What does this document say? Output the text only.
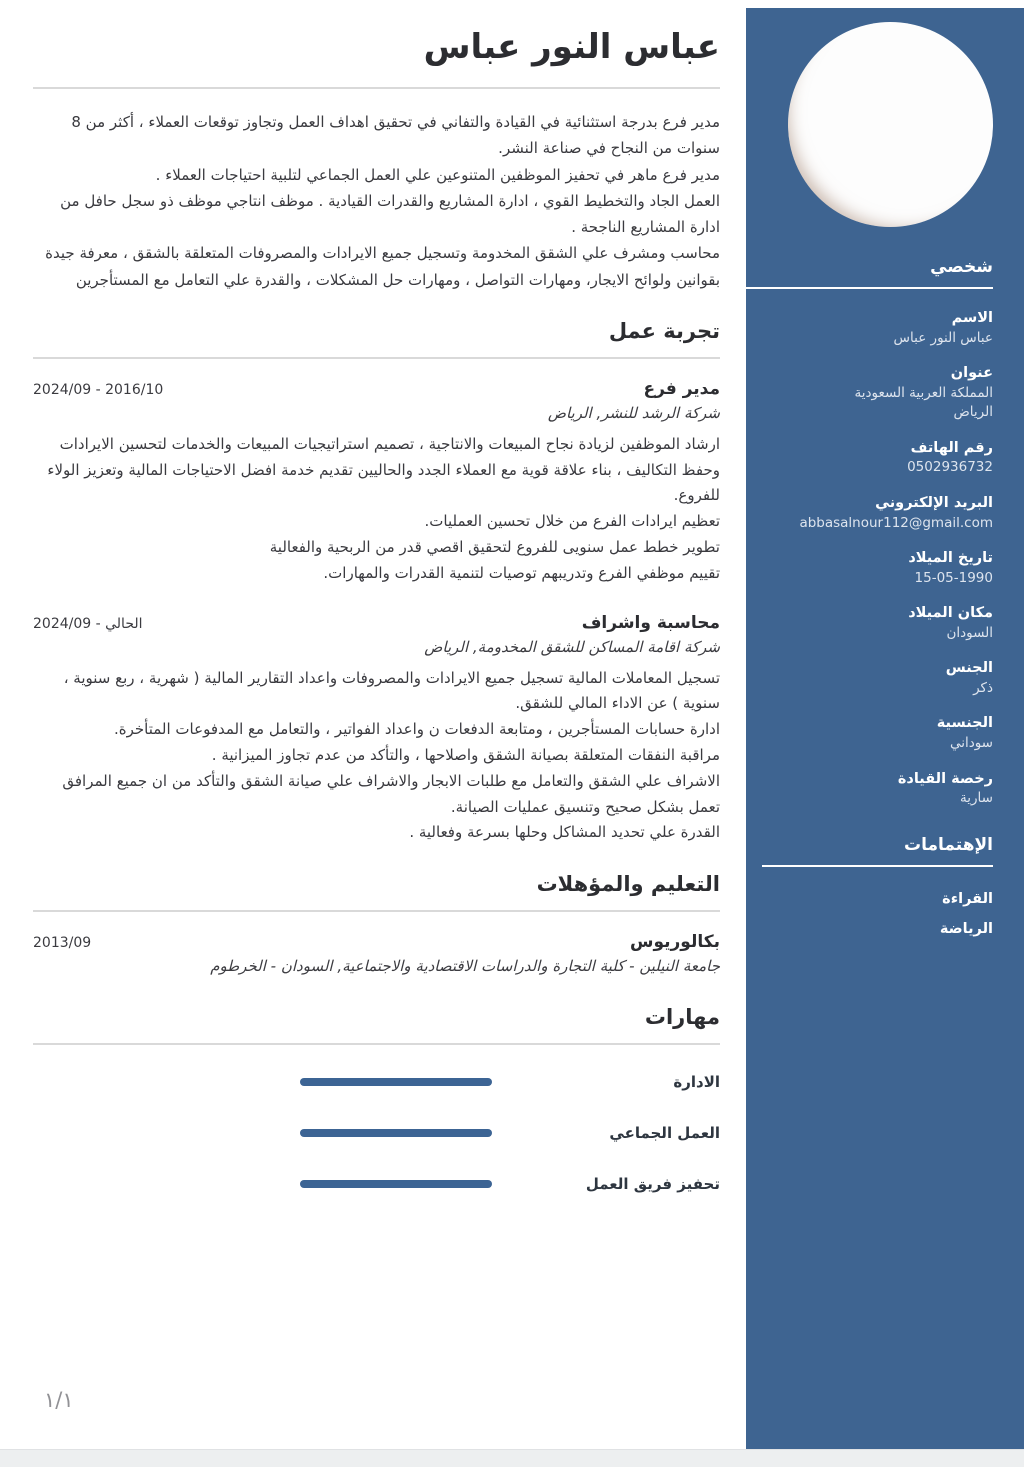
عباس النور عباس

مدير فرع بدرجة استثنائية في القيادة والتفاني في تحقيق اهداف العمل وتجاوز توقعات العملاء ، أكثر من 8 سنوات من النجاح في صناعة النشر.

مدير فرع ماهر في تحفيز الموظفين المتنوعين علي العمل الجماعي لتلبية احتياجات العملاء .

العمل الجاد والتخطيط القوي ، ادارة المشاريع والقدرات القيادية . موظف انتاجي موظف ذو سجل حافل من ادارة المشاريع الناجحة .

محاسب ومشرف علي الشقق المخدومة وتسجيل جميع الايرادات والمصروفات المتعلقة بالشقق ، معرفة جيدة بقوانين ولوائح الايجار، ومهارات التواصل ، ومهارات حل المشكلات ، والقدرة علي التعامل مع المستأجرين

تجربة عمل
مدير فرع
2024/09 - 2016/10
شركة الرشد للنشر, الرياض

ارشاد الموظفين لزيادة نجاح المبيعات والانتاجية ، تصميم استراتيجيات المبيعات والخدمات لتحسين الايرادات وحفظ التكاليف ، بناء علاقة قوية مع العملاء الجدد والحاليين تقديم خدمة افضل الاحتياجات المالية وتعزيز الولاء للفروع.

تعظيم ايرادات الفرع من خلال تحسين العمليات.

تطوير خطط عمل سنويى للفروع لتحقيق اقصي قدر من الربحية والفعالية

تقييم موظفي الفرع وتدريبهم توصيات لتنمية القدرات والمهارات.

محاسبة واشراف
2024/09 - الحالي
شركة اقامة المساكن للشقق المخدومة, الرياض

تسجيل المعاملات المالية تسجيل جميع الايرادات والمصروفات واعداد التقارير المالية ( شهرية ، ربع سنوية ، سنوية ) عن الاداء المالي للشقق.

ادارة حسابات المستأجرين ، ومتابعة الدفعات ن واعداد الفواتير ، والتعامل مع المدفوعات المتأخرة.

مراقبة النفقات المتعلقة بصيانة الشقق واصلاحها ، والتأكد من عدم تجاوز الميزانية .

الاشراف علي الشقق والتعامل مع طلبات الابجار والاشراف علي صيانة الشقق والتأكد من ان جميع المرافق تعمل بشكل صحيح وتنسيق عمليات الصيانة.

القدرة علي تحديد المشاكل وحلها بسرعة وفعالية .

التعليم والمؤهلات
بكالوريوس
2013/09
جامعة النيلين - كلية التجارة والدراسات الاقتصادية والاجتماعية, السودان - الخرطوم
مهارات
الادارة
العمل الجماعي
تحفيز فريق العمل
شخصي
الاسم
عباس النور عباس
عنوان
المملكة العربية السعودية
الرياض
رقم الهاتف
0502936732
البريد الإلكتروني
abbasalnour112@gmail.com
تاريخ الميلاد
15-05-1990
مكان الميلاد
السودان
الجنس
ذكر
الجنسية
سوداني
رخصة القيادة
سارية
الإهتمامات
القراءة
الرياضة
١/١
